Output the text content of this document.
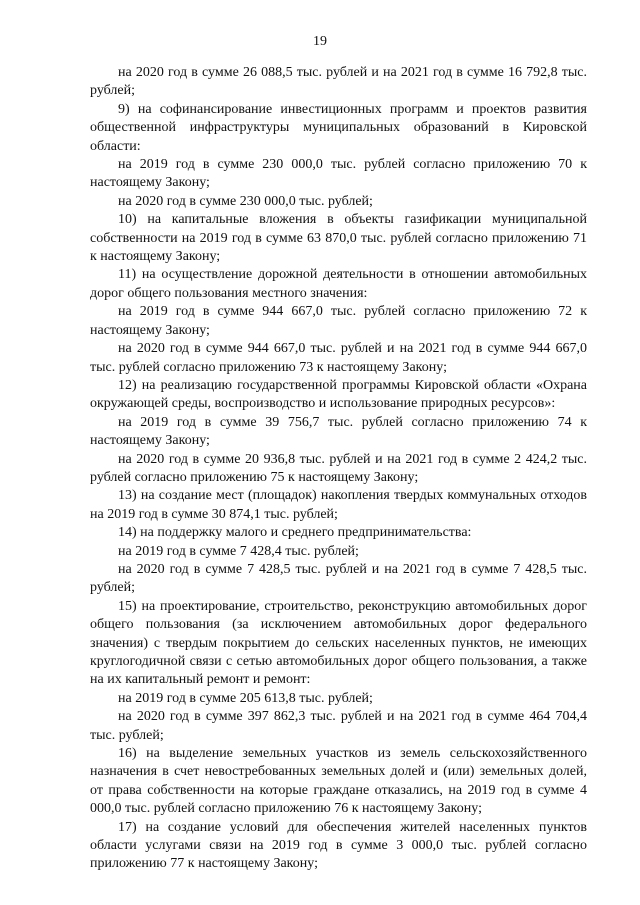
19

на 2020 год в сумме 26 088,5 тыс. рублей и на 2021 год в сумме 16 792,8 тыс. рублей;

9) на софинансирование инвестиционных программ и проектов развития общественной инфраструктуры муниципальных образований в Кировской области:

на 2019 год в сумме 230 000,0 тыс. рублей согласно приложению 70 к настоящему Закону;

на 2020 год в сумме 230 000,0 тыс. рублей;

10) на капитальные вложения в объекты газификации муниципальной собственности на 2019 год в сумме 63 870,0 тыс. рублей согласно приложению 71 к настоящему Закону;

11) на осуществление дорожной деятельности в отношении автомобильных дорог общего пользования местного значения:

на 2019 год в сумме 944 667,0 тыс. рублей согласно приложению 72 к настоящему Закону;

на 2020 год в сумме 944 667,0 тыс. рублей и на 2021 год в сумме 944 667,0 тыс. рублей согласно приложению 73 к настоящему Закону;

12) на реализацию государственной программы Кировской области «Охрана окружающей среды, воспроизводство и использование природных ресурсов»:

на 2019 год в сумме 39 756,7 тыс. рублей согласно приложению 74 к настоящему Закону;

на 2020 год в сумме 20 936,8 тыс. рублей и на 2021 год в сумме 2 424,2 тыс. рублей согласно приложению 75 к настоящему Закону;

13) на создание мест (площадок) накопления твердых коммунальных отходов на 2019 год в сумме 30 874,1 тыс. рублей;

14) на поддержку малого и среднего предпринимательства:

на 2019 год в сумме 7 428,4 тыс. рублей;

на 2020 год в сумме 7 428,5 тыс. рублей и на 2021 год в сумме 7 428,5 тыс. рублей;

15) на проектирование, строительство, реконструкцию автомобильных дорог общего пользования (за исключением автомобильных дорог федерального значения) с твердым покрытием до сельских населенных пунктов, не имеющих круглогодичной связи с сетью автомобильных дорог общего пользования, а также на их капитальный ремонт и ремонт:

на 2019 год в сумме 205 613,8 тыс. рублей;

на 2020 год в сумме 397 862,3 тыс. рублей и на 2021 год в сумме 464 704,4 тыс. рублей;

16) на выделение земельных участков из земель сельскохозяйственного назначения в счет невостребованных земельных долей и (или) земельных долей, от права собственности на которые граждане отказались, на 2019 год в сумме 4 000,0 тыс. рублей согласно приложению 76 к настоящему Закону;

17) на создание условий для обеспечения жителей населенных пунктов области услугами связи на 2019 год в сумме 3 000,0 тыс. рублей согласно приложению 77 к настоящему Закону;
